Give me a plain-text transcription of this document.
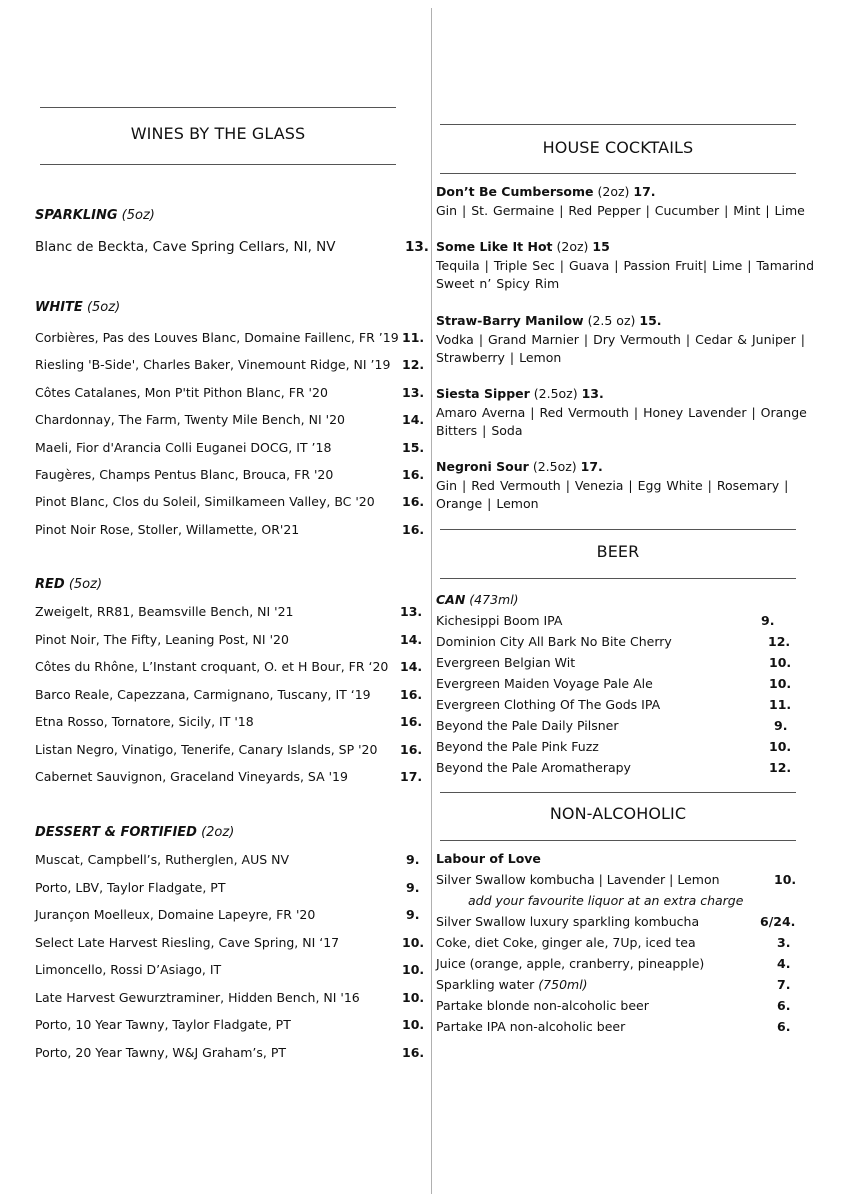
WINES BY THE GLASS
SPARKLING (5oz)
Blanc de Beckta, Cave Spring Cellars, NI, NV	13.
WHITE (5oz)
Corbières, Pas des Louves Blanc, Domaine Faillenc, FR ’19 11.
Riesling 'B-Side', Charles Baker, Vinemount Ridge, NI ’19 12.
Côtes Catalanes, Mon P'tit Pithon Blanc, FR '20	13.
Chardonnay, The Farm, Twenty Mile Bench, NI '20	14.
Maeli, Fior d'Arancia Colli Euganei DOCG, IT ’18	15.
Faugères, Champs Pentus Blanc, Brouca, FR '20	16.
Pinot Blanc, Clos du Soleil, Similkameen Valley, BC '20 16.
Pinot Noir Rose, Stoller, Willamette, OR'21	16.
RED (5oz)
Zweigelt, RR81, Beamsville Bench, NI '21	13.
Pinot Noir, The Fifty, Leaning Post, NI '20	14.
Côtes du Rhône, L’Instant croquant, O. et H Bour, FR ‘20 14.
Barco Reale, Capezzana, Carmignano, Tuscany, IT ‘19 16.
Etna Rosso, Tornatore, Sicily, IT '18	16.
Listan Negro, Vinatigo, Tenerife, Canary Islands, SP '20 16.
Cabernet Sauvignon, Graceland Vineyards, SA '19	17.
DESSERT & FORTIFIED (2oz)
Muscat, Campbell’s, Rutherglen, AUS NV	9.
Porto, LBV, Taylor Fladgate, PT	9.
Jurançon Moelleux, Domaine Lapeyre, FR '20	9.
Select Late Harvest Riesling, Cave Spring, NI ‘17	10.
Limoncello, Rossi D’Asiago, IT	10.
Late Harvest Gewurztraminer, Hidden Bench, NI '16	10.
Porto, 10 Year Tawny, Taylor Fladgate, PT	10.
Porto, 20 Year Tawny, W&J Graham’s, PT	16.
HOUSE COCKTAILS
Don’t Be Cumbersome (2oz) 17.
Gin | St. Germaine | Red Pepper | Cucumber | Mint | Lime
Some Like It Hot (2oz) 15
Tequila | Triple Sec | Guava | Passion Fruit| Lime | Tamarind Sweet n’ Spicy Rim
Straw-Barry Manilow (2.5 oz) 15.
Vodka | Grand Marnier | Dry Vermouth | Cedar & Juniper | Strawberry | Lemon
Siesta Sipper (2.5oz) 13.
Amaro Averna | Red Vermouth | Honey Lavender | Orange Bitters | Soda
Negroni Sour (2.5oz) 17.
Gin | Red Vermouth | Venezia | Egg White | Rosemary | Orange | Lemon
BEER
CAN (473ml)
Kichesippi Boom IPA	9.
Dominion City All Bark No Bite Cherry	12.
Evergreen Belgian Wit	10.
Evergreen Maiden Voyage Pale Ale	10.
Evergreen Clothing Of The Gods IPA	11.
Beyond the Pale Daily Pilsner	9.
Beyond the Pale Pink Fuzz	10.
Beyond the Pale Aromatherapy	12.
NON-ALCOHOLIC
Labour of Love
Silver Swallow kombucha | Lavender | Lemon	10.
add your favourite liquor at an extra charge
Silver Swallow luxury sparkling kombucha	6/24.
Coke, diet Coke, ginger ale, 7Up, iced tea	3.
Juice (orange, apple, cranberry, pineapple)	4.
Sparkling water (750ml)	7.
Partake blonde non-alcoholic beer	6.
Partake IPA non-alcoholic beer	6.
